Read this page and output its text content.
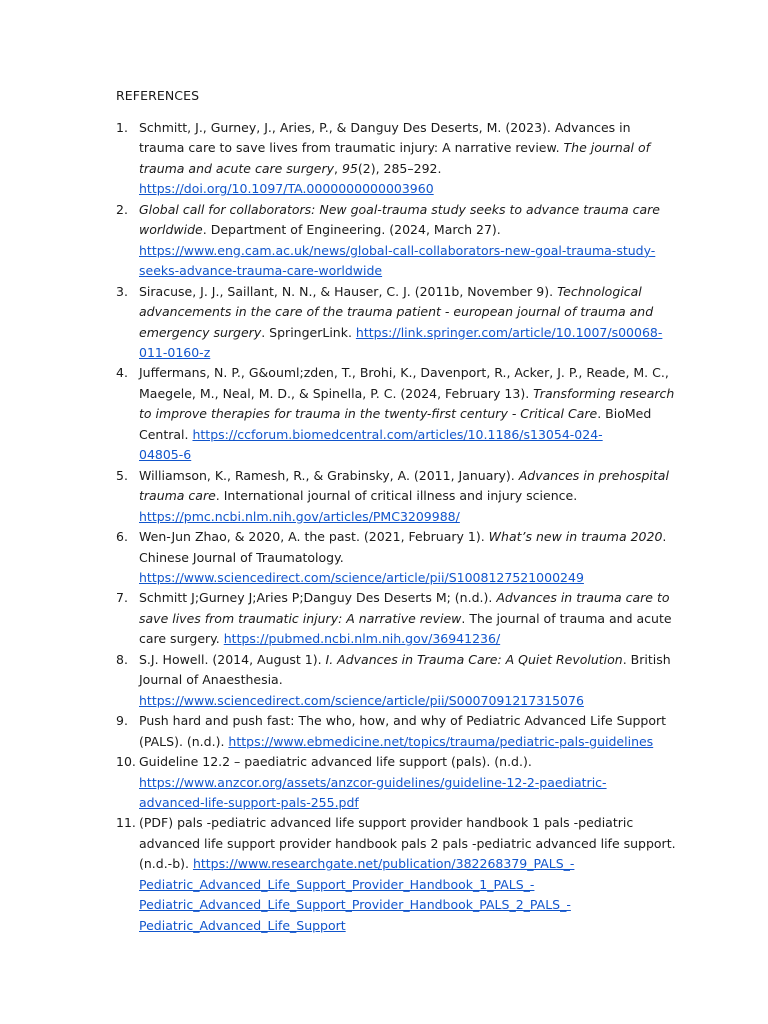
REFERENCES
1. Schmitt, J., Gurney, J., Aries, P., & Danguy Des Deserts, M. (2023). Advances in trauma care to save lives from traumatic injury: A narrative review. The journal of trauma and acute care surgery, 95(2), 285–292. https://doi.org/10.1097/TA.0000000000003960
2. Global call for collaborators: New goal-trauma study seeks to advance trauma care worldwide. Department of Engineering. (2024, March 27). https://www.eng.cam.ac.uk/news/global-call-collaborators-new-goal-trauma-study-
seeks-advance-trauma-care-worldwide
3. Siracuse, J. J., Saillant, N. N., & Hauser, C. J. (2011b, November 9). Technological advancements in the care of the trauma patient - european journal of trauma and emergency surgery. SpringerLink. https://link.springer.com/article/10.1007/s00068-
011-0160-z
4. Juffermans, N. P., G&ouml;zden, T., Brohi, K., Davenport, R., Acker, J. P., Reade, M. C., Maegele, M., Neal, M. D., & Spinella, P. C. (2024, February 13). Transforming research to improve therapies for trauma in the twenty-first century - Critical Care. BioMed Central. https://ccforum.biomedcentral.com/articles/10.1186/s13054-024-
04805-6
5. Williamson, K., Ramesh, R., & Grabinsky, A. (2011, January). Advances in prehospital trauma care. International journal of critical illness and injury science. https://pmc.ncbi.nlm.nih.gov/articles/PMC3209988/
6. Wen-Jun Zhao, & 2020, A. the past. (2021, February 1). What’s new in trauma 2020. Chinese Journal of Traumatology. https://www.sciencedirect.com/science/article/pii/S1008127521000249
7. Schmitt J;Gurney J;Aries P;Danguy Des Deserts M; (n.d.). Advances in trauma care to save lives from traumatic injury: A narrative review. The journal of trauma and acute care surgery. https://pubmed.ncbi.nlm.nih.gov/36941236/
8. S.J. Howell. (2014, August 1). I. Advances in Trauma Care: A Quiet Revolution. British Journal of Anaesthesia. https://www.sciencedirect.com/science/article/pii/S0007091217315076
9. Push hard and push fast: The who, how, and why of Pediatric Advanced Life Support (PALS). (n.d.). https://www.ebmedicine.net/topics/trauma/pediatric-pals-guidelines
10. Guideline 12.2 – paediatric advanced life support (pals). (n.d.). https://www.anzcor.org/assets/anzcor-guidelines/guideline-12-2-paediatric-
advanced-life-support-pals-255.pdf
11. (PDF) pals -pediatric advanced life support provider handbook 1 pals -pediatric advanced life support provider handbook pals 2 pals -pediatric advanced life support. (n.d.-b). https://www.researchgate.net/publication/382268379_PALS_-
Pediatric_Advanced_Life_Support_Provider_Handbook_1_PALS_-
Pediatric_Advanced_Life_Support_Provider_Handbook_PALS_2_PALS_-
Pediatric_Advanced_Life_Support
